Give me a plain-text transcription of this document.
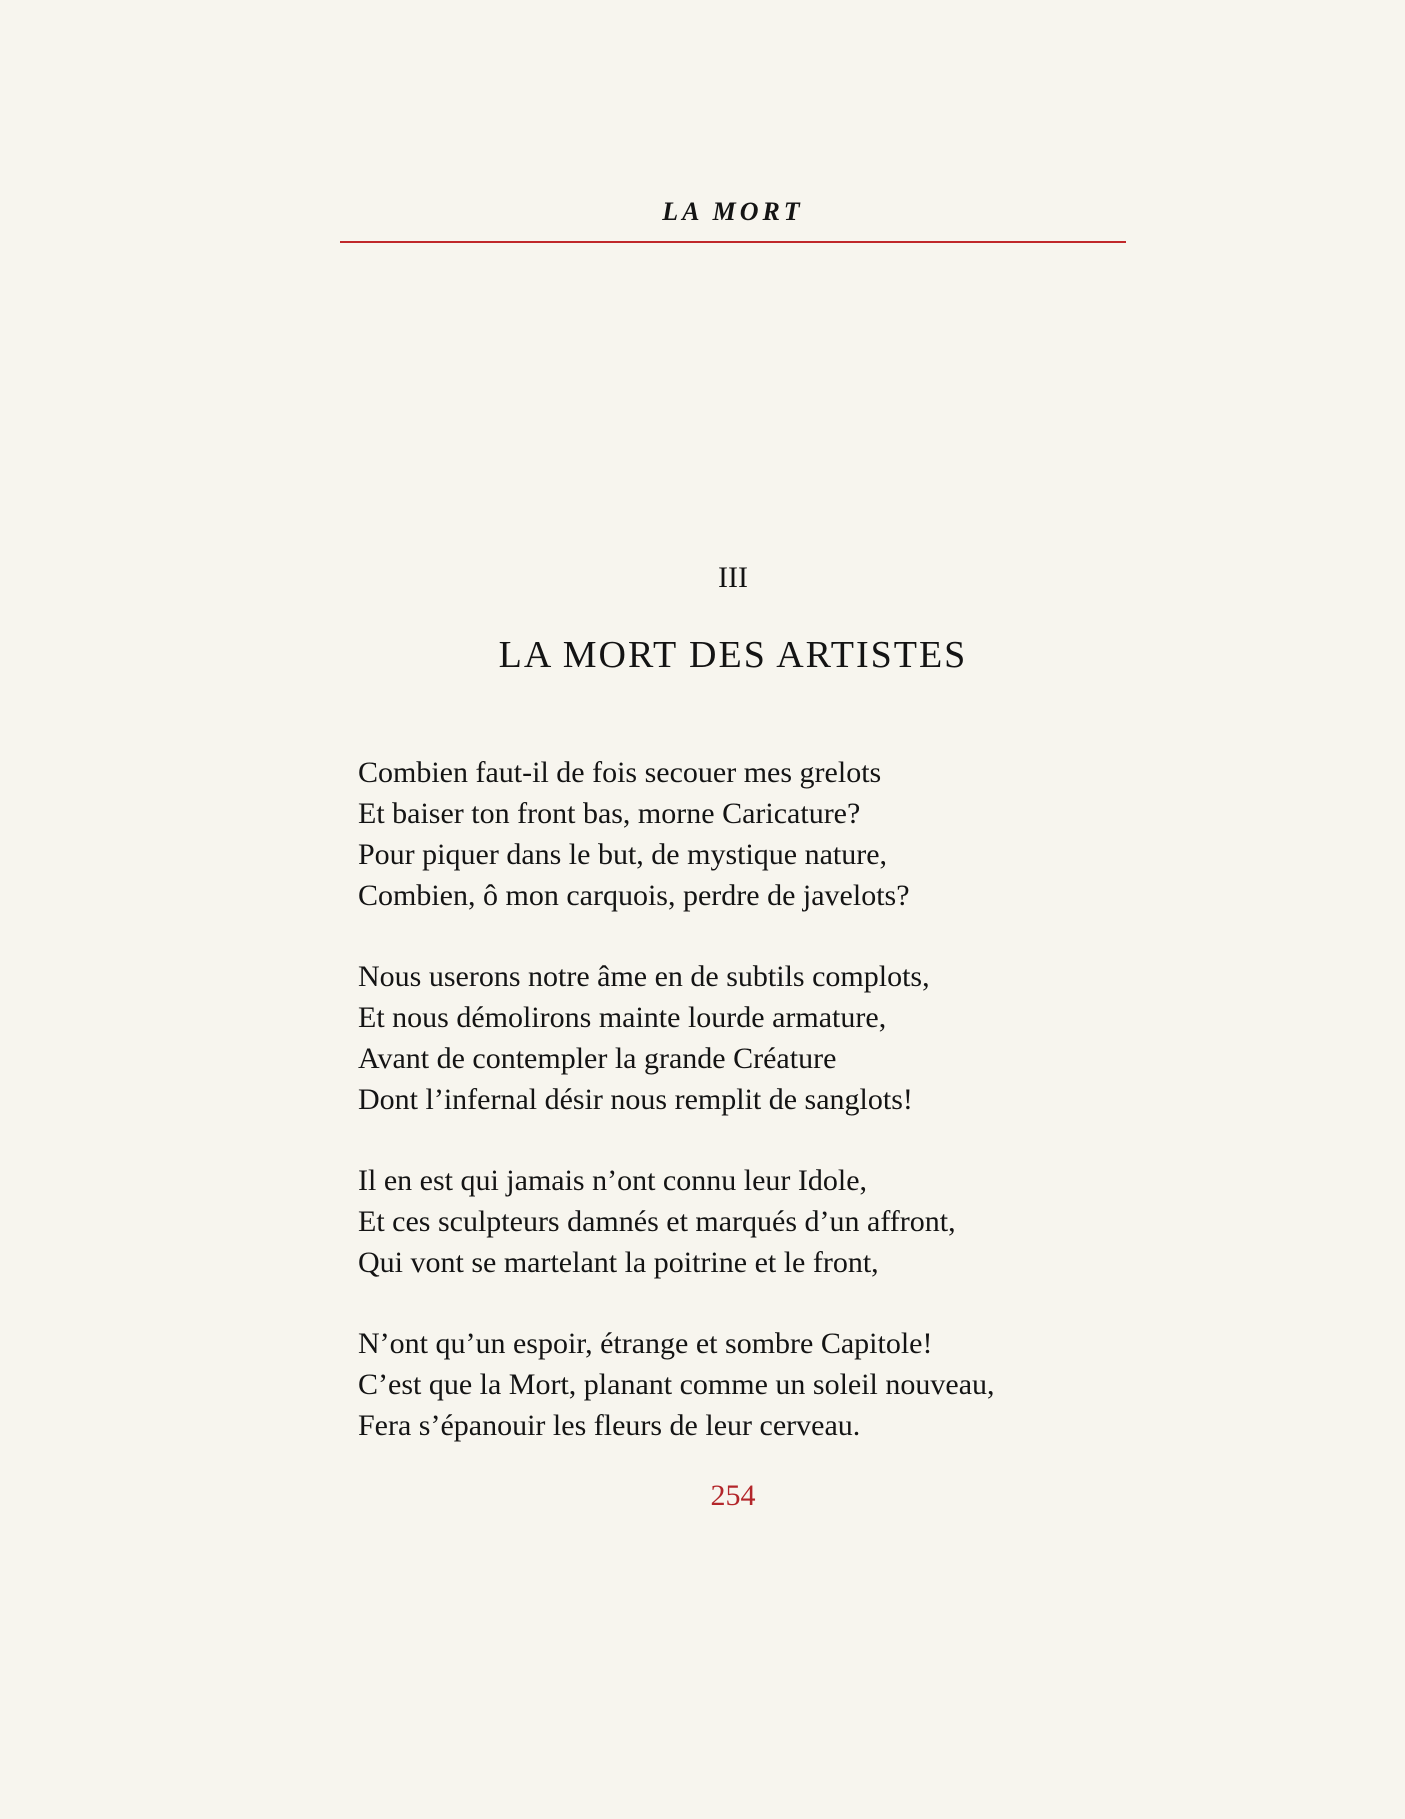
LA MORT
III
LA MORT DES ARTISTES
Combien faut-il de fois secouer mes grelots
Et baiser ton front bas, morne Caricature?
Pour piquer dans le but, de mystique nature,
Combien, ô mon carquois, perdre de javelots?
Nous userons notre âme en de subtils complots,
Et nous démolirons mainte lourde armature,
Avant de contempler la grande Créature
Dont l’infernal désir nous remplit de sanglots!
Il en est qui jamais n’ont connu leur Idole,
Et ces sculpteurs damnés et marqués d’un affront,
Qui vont se martelant la poitrine et le front,
N’ont qu’un espoir, étrange et sombre Capitole!
C’est que la Mort, planant comme un soleil nouveau,
Fera s’épanouir les fleurs de leur cerveau.
254
